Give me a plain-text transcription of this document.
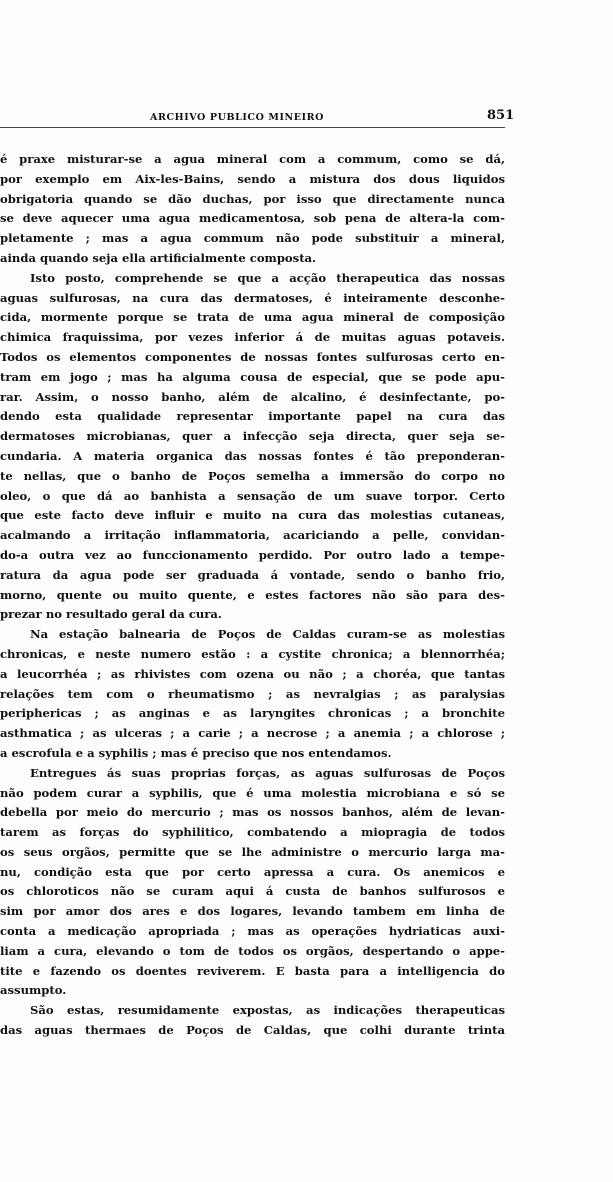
ARCHIVO PUBLICO MINEIRO	851
é praxe misturar-se a agua mineral com a commum, como se dá,
por exemplo em Aix-les-Bains, sendo a mistura dos dous liquidos
obrigatoria quando se dão duchas, por isso que directamente nunca
se deve aquecer uma agua medicamentosa, sob pena de altera-la com-
pletamente ; mas a agua commum não pode substituir a mineral,
ainda quando seja ella artificialmente composta.
Isto posto, comprehende se que a acção therapeutica das nossas
aguas sulfurosas, na cura das dermatoses, é inteiramente desconhe-
cida, mormente porque se trata de uma agua mineral de composição
chimica fraquissima, por vezes inferior á de muitas aguas potaveis.
Todos os elementos componentes de nossas fontes sulfurosas certo en-
tram em jogo ; mas ha alguma cousa de especial, que se pode apu-
rar. Assim, o nosso banho, além de alcalino, é desinfectante, po-
dendo esta qualidade representar importante papel na cura das
dermatoses microbianas, quer a infecção seja directa, quer seja se-
cundaria. A materia organica das nossas fontes é tão preponderan-
te nellas, que o banho de Poços semelha a immersão do corpo no
oleo, o que dá ao banhista a sensação de um suave torpor. Certo
que este facto deve influir e muito na cura das molestias cutaneas,
acalmando a irritação inflammatoria, acariciando a pelle, convidan-
do-a outra vez ao funccionamento perdido. Por outro lado a tempe-
ratura da agua pode ser graduada á vontade, sendo o banho frio,
morno, quente ou muito quente, e estes factores não são para des-
prezar no resultado geral da cura.
Na estação balnearia de Poços de Caldas curam-se as molestias
chronicas, e neste numero estão : a cystite chronica; a blennorrhéa;
a leucorrhéa ; as rhivistes com ozena ou não ; a choréa, que tantas
relações tem com o rheumatismo ; as nevralgias ; as paralysias
periphericas ; as anginas e as laryngites chronicas ; a bronchite
asthmatica ; as ulceras ; a carie ; a necrose ; a anemia ; a chlorose ;
a escrofula e a syphilis ; mas é preciso que nos entendamos.
Entregues ás suas proprias forças, as aguas sulfurosas de Poços
não podem curar a syphilis, que é uma molestia microbiana e só se
debella por meio do mercurio ; mas os nossos banhos, além de levan-
tarem as forças do syphilitico, combatendo a miopragia de todos
os seus orgãos, permitte que se lhe administre o mercurio larga ma-
nu, condição esta que por certo apressa a cura. Os anemicos e
os chloroticos não se curam aqui á custa de banhos sulfurosos e
sim por amor dos ares e dos logares, levando tambem em linha de
conta a medicação apropriada ; mas as operações hydriaticas auxi-
liam a cura, elevando o tom de todos os orgãos, despertando o appe-
tite e fazendo os doentes reviverem. E basta para a intelligencia do
assumpto.
São estas, resumidamente expostas, as indicações therapeuticas
das aguas thermaes de Poços de Caldas, que colhi durante trinta
